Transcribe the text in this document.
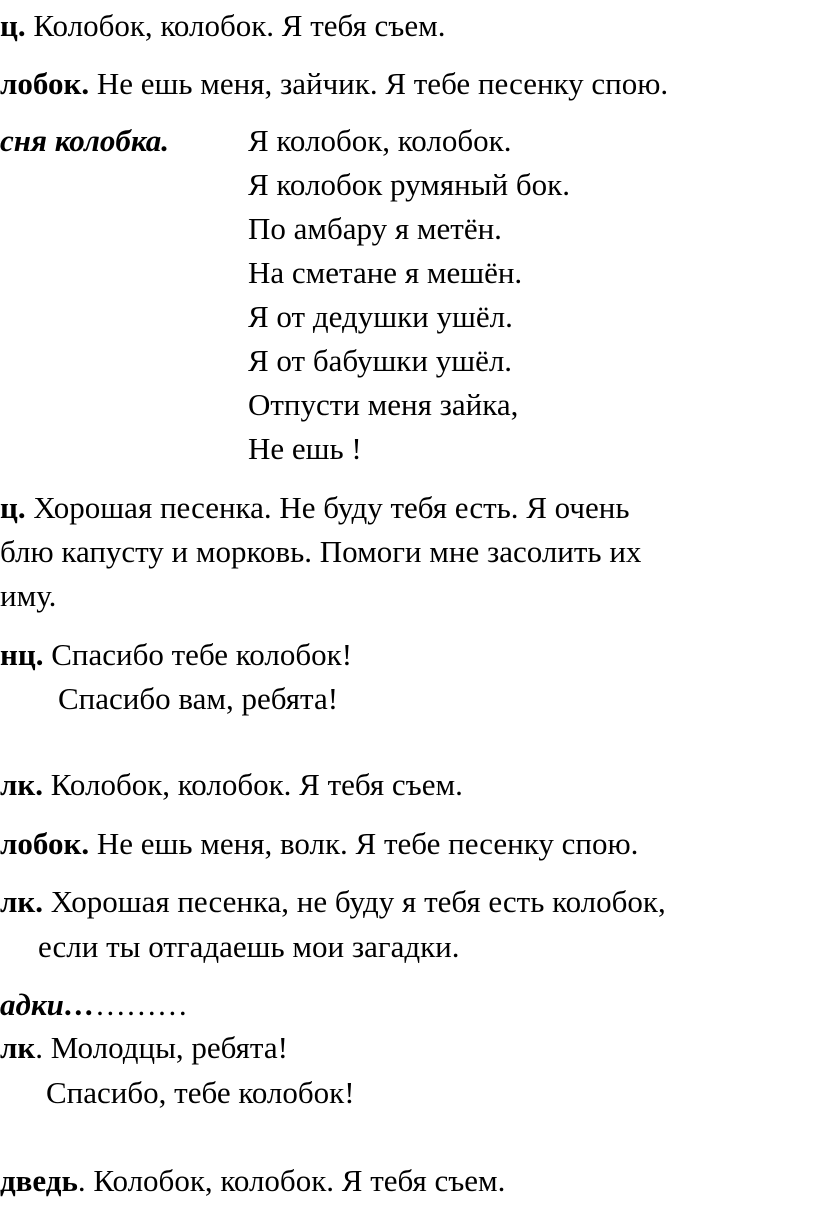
ц. Колобок, колобок. Я тебя съем.
лобок. Не ешь меня, зайчик. Я тебе песенку спою.
сня колобка.	Я колобок, колобок.
Я колобок румяный бок.
По амбару я метён.
На сметане я мешён.
Я от дедушки ушёл.
Я от бабушки ушёл.
Отпусти меня зайка,
Не ешь !
ц. Хорошая песенка. Не буду тебя есть. Я очень
блю капусту и морковь. Помоги мне засолить их
иму.
нц. Спасибо тебе колобок!
Спасибо вам, ребята!
лк. Колобок, колобок. Я тебя съем.
лобок. Не ешь меня, волк. Я тебе песенку спою.
лк. Хорошая песенка, не буду я тебя есть колобок,
если ты отгадаешь мои загадки.
адки…………
лк. Молодцы, ребята!
Спасибо, тебе колобок!
дведь. Колобок, колобок. Я тебя съем.
